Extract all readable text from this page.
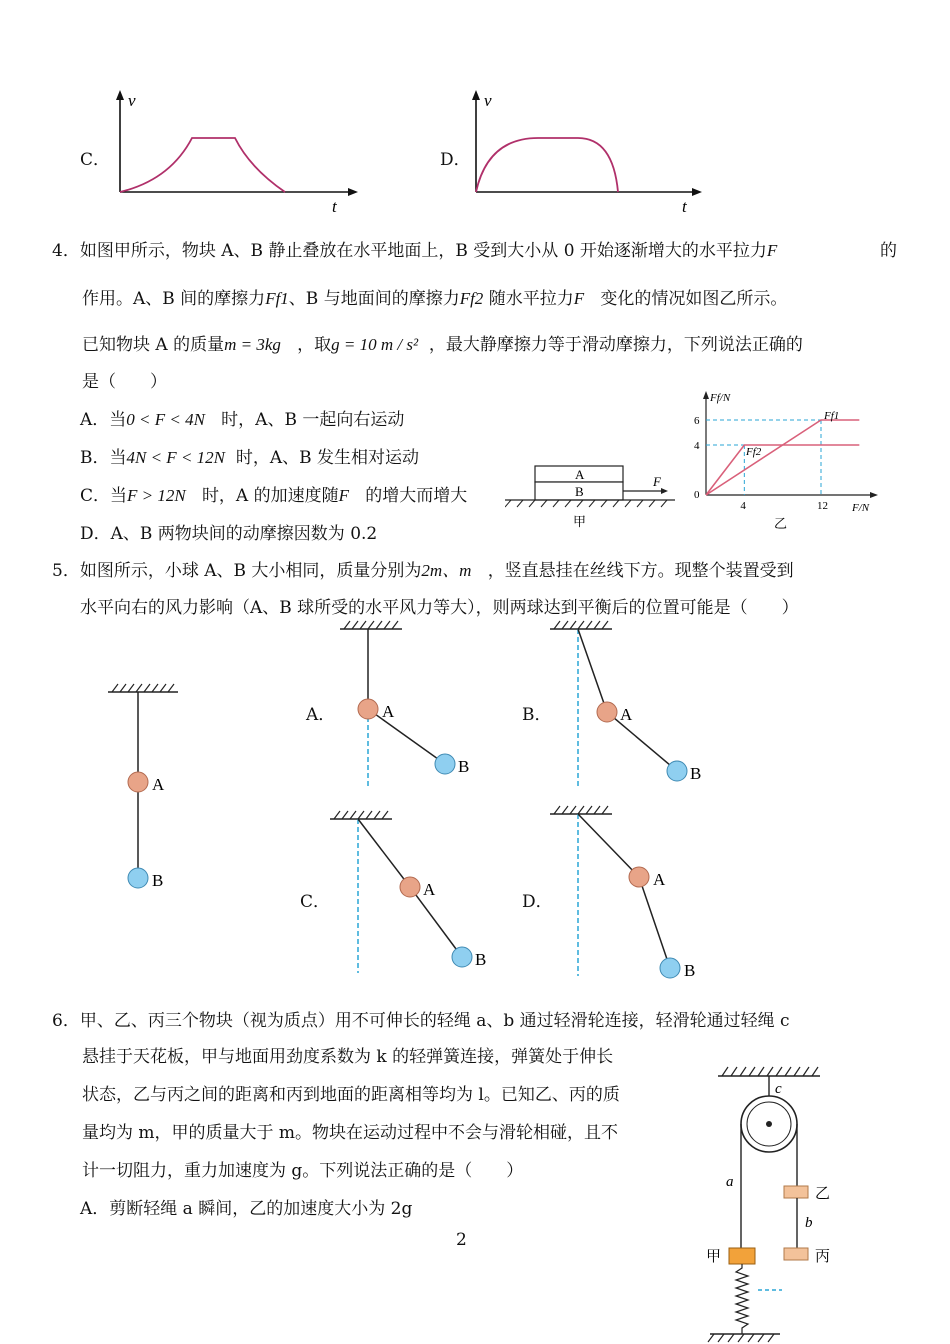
C．	D．
v
t
v
t
4．如图甲所示，物块 A、B 静止叠放在水平地面上，B 受到大小从 0 开始逐渐增大的水平拉力F	的
作用。A、B 间的摩擦力Ff1、B 与地面间的摩擦力Ff2 随水平拉力F 变化的情况如图乙所示。
已知物块 A 的质量m = 3kg ，取g = 10 m / s² ，最大静摩擦力等于滑动摩擦力，下列说法正确的
是（　　）
A．当0 < F < 4N 时，A、B 一起向右运动
B．当4N < F < 12N 时，A、B 发生相对运动
C．当F > 12N 时，A 的加速度随F 的增大而增大
D．A、B 两物块间的动摩擦因数为 0.2
A
B
F
甲
Ff/N
F/N
0
4	12
4
6	Ff1
Ff2
乙
5．如图所示，小球 A、B 大小相同，质量分别为2m、m ，竖直悬挂在丝线下方。现整个装置受到
水平向右的风力影响（A、B 球所受的水平风力等大），则两球达到平衡后的位置可能是（　　）
A
B
A．	A
B
B．	A
B
C．
A
B
D．
A
B
6．甲、乙、丙三个物块（视为质点）用不可伸长的轻绳 a、b 通过轻滑轮连接，轻滑轮通过轻绳 c
悬挂于天花板，甲与地面用劲度系数为 k 的轻弹簧连接，弹簧处于伸长
状态，乙与丙之间的距离和丙到地面的距离相等均为 l。已知乙、丙的质
量均为 m，甲的质量大于 m。物块在运动过程中不会与滑轮相碰，且不
计一切阻力，重力加速度为 g。下列说法正确的是（　　）
A．剪断轻绳 a 瞬间，乙的加速度大小为 2g
c
a
乙
b
丙
甲
2
